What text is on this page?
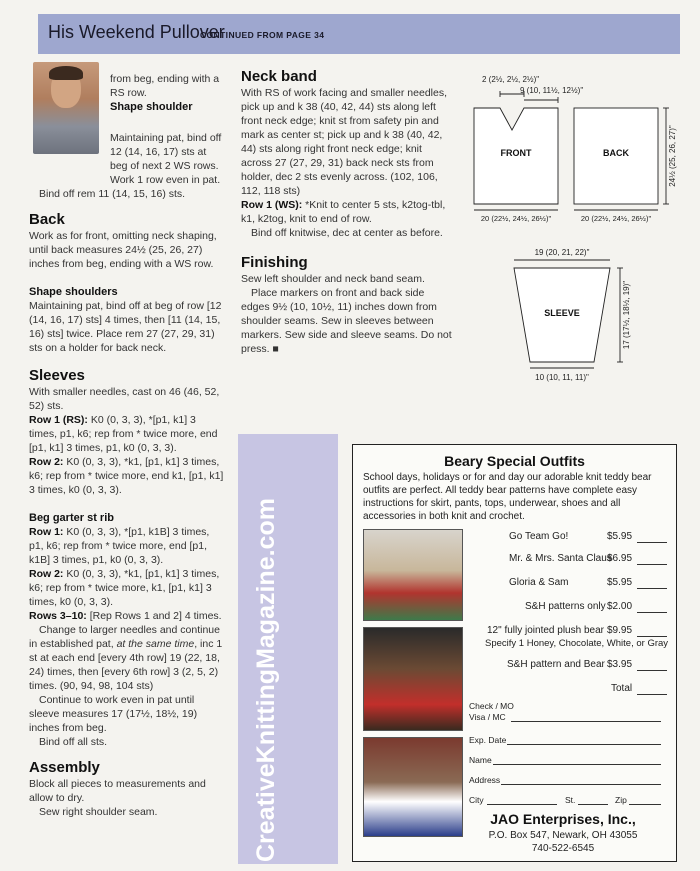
His Weekend Pullover
CONTINUED FROM PAGE 34

from beg, ending with a RS row.

Shape shoulder

Maintaining pat, bind off 12 (14, 16, 17) sts at beg of next 2 WS rows. Work 1 row even in pat.

Bind off rem 11 (14, 15, 16) sts.

Back

Work as for front, omitting neck shaping, until back measures 24½ (25, 26, 27) inches from beg, ending with a WS row.

Shape shoulders

Maintaining pat, bind off at beg of row [12 (14, 16, 17) sts] 4 times, then [11 (14, 15, 16) sts] twice. Place rem 27 (27, 29, 31) sts on a holder for back neck.

Sleeves

With smaller needles, cast on 46 (46, 52, 52) sts.

Row 1 (RS): K0 (0, 3, 3), *[p1, k1] 3 times, p1, k6; rep from * twice more, end [p1, k1] 3 times, p1, k0 (0, 3, 3).

Row 2: K0 (0, 3, 3), *k1, [p1, k1] 3 times, k6; rep from * twice more, end k1, [p1, k1] 3 times, k0 (0, 3, 3).

Beg garter st rib

Row 1: K0 (0, 3, 3), *[p1, k1B] 3 times, p1, k6; rep from * twice more, end [p1, k1B] 3 times, p1, k0 (0, 3, 3).

Row 2: K0 (0, 3, 3), *k1, [p1, k1] 3 times, k6; rep from * twice more, k1, [p1, k1] 3 times, k0 (0, 3, 3).

Rows 3–10: [Rep Rows 1 and 2] 4 times.

Change to larger needles and continue in established pat, at the same time, inc 1 st at each end [every 4th row] 19 (22, 18, 24) times, then [every 6th row] 3 (2, 5, 2) times. (90, 94, 98, 104 sts)

Continue to work even in pat until sleeve measures 17 (17½, 18½, 19) inches from beg.

Bind off all sts.

Assembly

Block all pieces to measurements and allow to dry.

Sew right shoulder seam.

Neck band

With RS of work facing and smaller needles, pick up and k 38 (40, 42, 44) sts along left front neck edge; knit st from safety pin and mark as center st; pick up and k 38 (40, 42, 44) sts along right front neck edge; knit across 27 (27, 29, 31) back neck sts from holder, dec 2 sts evenly across. (102, 106, 112, 118 sts)

Row 1 (WS): *Knit to center 5 sts, k2tog-tbl, k1, k2tog, knit to end of row.

Bind off knitwise, dec at center as before.

Finishing

Sew left shoulder and neck band seam.

Place markers on front and back side edges 9½ (10, 10½, 11) inches down from shoulder seams. Sew in sleeves between markers. Sew side and sleeve seams. Do not press. ■

2 (2½, 2½, 2½)"
9 (10, 11½, 12½)"
FRONT	BACK	24½ (25, 26, 27)"
20 (22½, 24½, 26½)"	20 (22½, 24½, 26½)"
19 (20, 21, 22)"
SLEEVE	17 (17½, 18½, 19)"
10 (10, 11, 11)"
CreativeKnittingMagazine.com
Beary Special Outfits
School days, holidays or for and day our adorable knit teddy bear outfits are perfect. All teddy bear patterns have complete easy instructions for skirt, pants, tops, underwear, shoes and all accessories in both knit and crochet.
Go Team Go!	$5.95
Mr. & Mrs. Santa Claus
$6.95
Gloria & Sam	$5.95
S&H patterns only $2.00
12" fully jointed plush bear $9.95
Specify 1 Honey, Chocolate, White, or Gray
S&H pattern and Bear $3.95
Total
Check / MO
Visa / MC
Exp. Date
Name
Address
City	St.	Zip
JAO Enterprises, Inc.,
P.O. Box 547, Newark, OH 43055
740-522-6545
